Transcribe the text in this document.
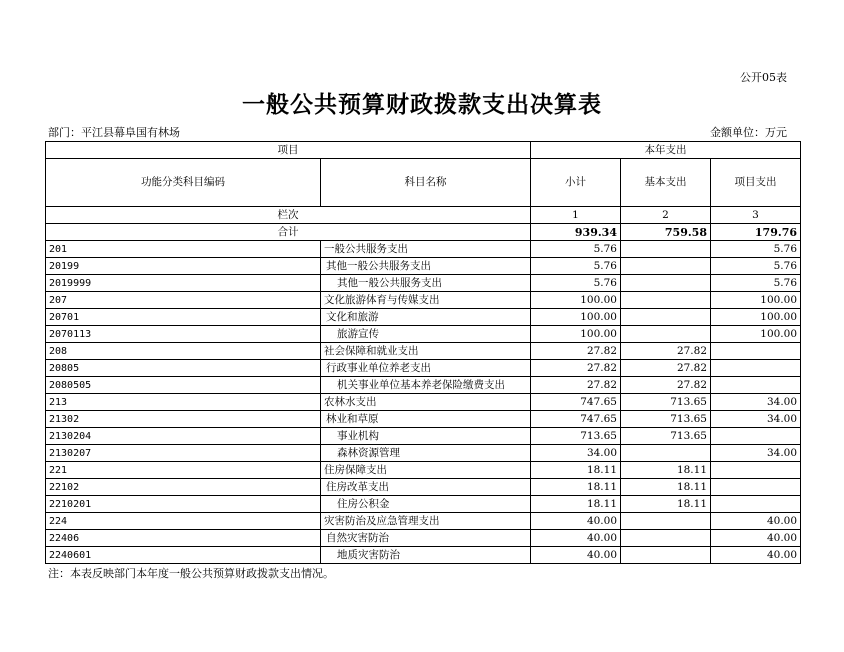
公开05表
一般公共预算财政拨款支出决算表
部门：平江县幕阜国有林场	金额单位：万元
项目		本年支出		
功能分类科目编码	科目名称	小计	基本支出	项目支出
栏次		1	2	3
合计		939.34	759.58	179.76
201	一般公共服务支出	5.76		5.76
20199	其他一般公共服务支出	5.76		5.76
2019999	其他一般公共服务支出	5.76		5.76
207	文化旅游体育与传媒支出	100.00		100.00
20701	文化和旅游	100.00		100.00
2070113	旅游宣传	100.00		100.00
208	社会保障和就业支出	27.82	27.82	
20805	行政事业单位养老支出	27.82	27.82	
2080505	机关事业单位基本养老保险缴费支出	27.82	27.82	
213	农林水支出	747.65	713.65	34.00
21302	林业和草原	747.65	713.65	34.00
2130204	事业机构	713.65	713.65	
2130207	森林资源管理	34.00		34.00
221	住房保障支出	18.11	18.11	
22102	住房改革支出	18.11	18.11	
2210201	住房公积金	18.11	18.11	
224	灾害防治及应急管理支出	40.00		40.00
22406	自然灾害防治	40.00		40.00
2240601	地质灾害防治	40.00		40.00
注：本表反映部门本年度一般公共预算财政拨款支出情况。
